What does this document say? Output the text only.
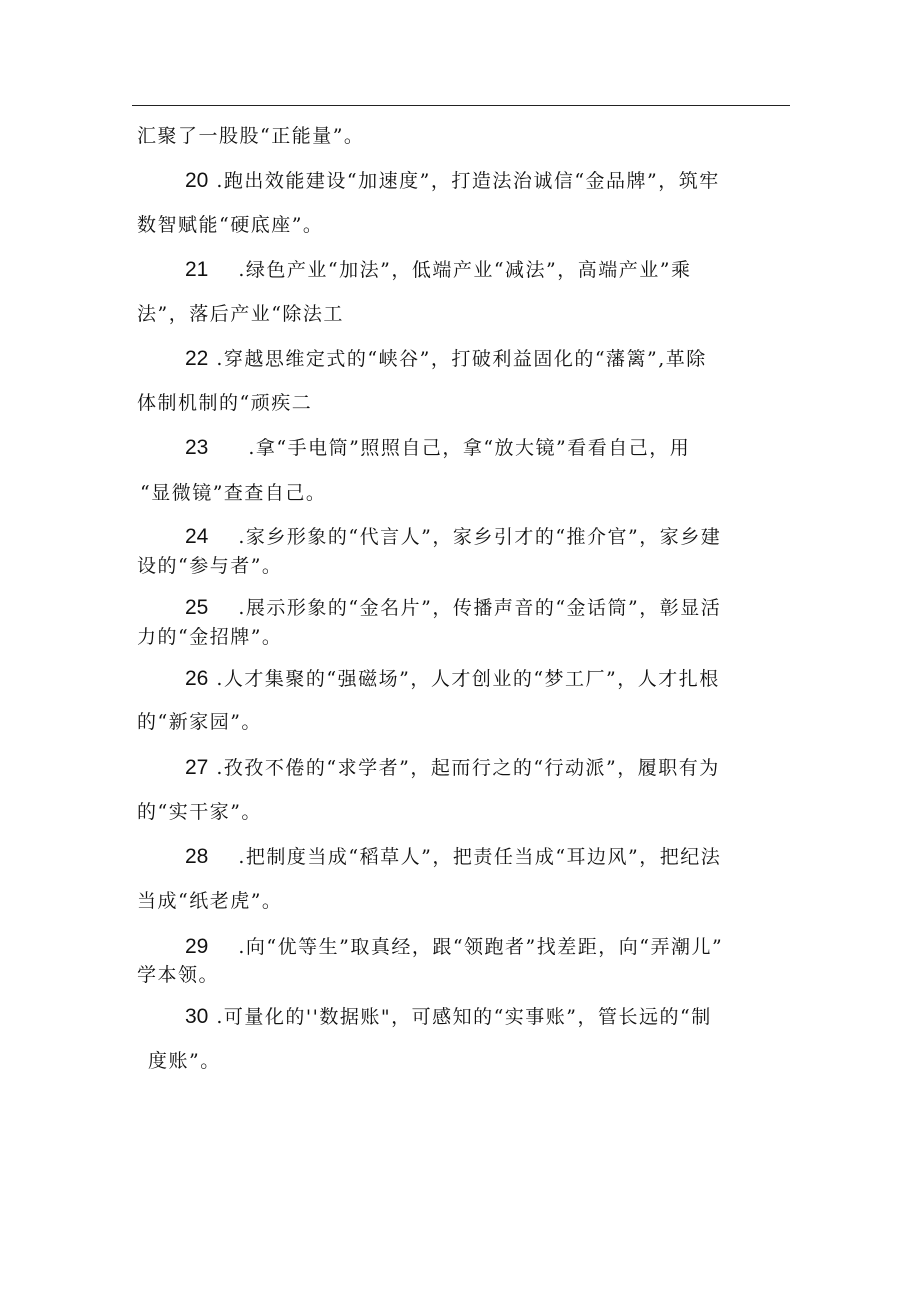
汇聚了一股股“正能量”。
20 .跑出效能建设“加速度”，打造法治诚信“金品牌”，筑牢
数智赋能“硬底座”。
21 .绿色产业“加法”，低端产业“减法”，高端产业”乘
法”，落后产业“除法工
22 .穿越思维定式的“峡谷”，打破利益固化的“藩篱”,革除
体制机制的“顽疾二
23 .拿“手电筒”照照自己，拿“放大镜”看看自己，用
“显微镜”查查自己。
24 .家乡形象的“代言人”，家乡引才的“推介官”，家乡建
设的“参与者”。
25 .展示形象的“金名片”，传播声音的“金话筒”，彰显活
力的“金招牌”。
26 .人才集聚的“强磁场”，人才创业的“梦工厂”，人才扎根
的“新家园”。
27 .孜孜不倦的“求学者”，起而行之的“行动派”，履职有为
的“实干家”。
28 .把制度当成“稻草人”，把责任当成“耳边风”，把纪法
当成“纸老虎”。
29 .向“优等生”取真经，跟“领跑者”找差距，向“弄潮儿”
学本领。
30 .可量化的''数据账"，可感知的“实事账”，管长远的“制
度账”。
